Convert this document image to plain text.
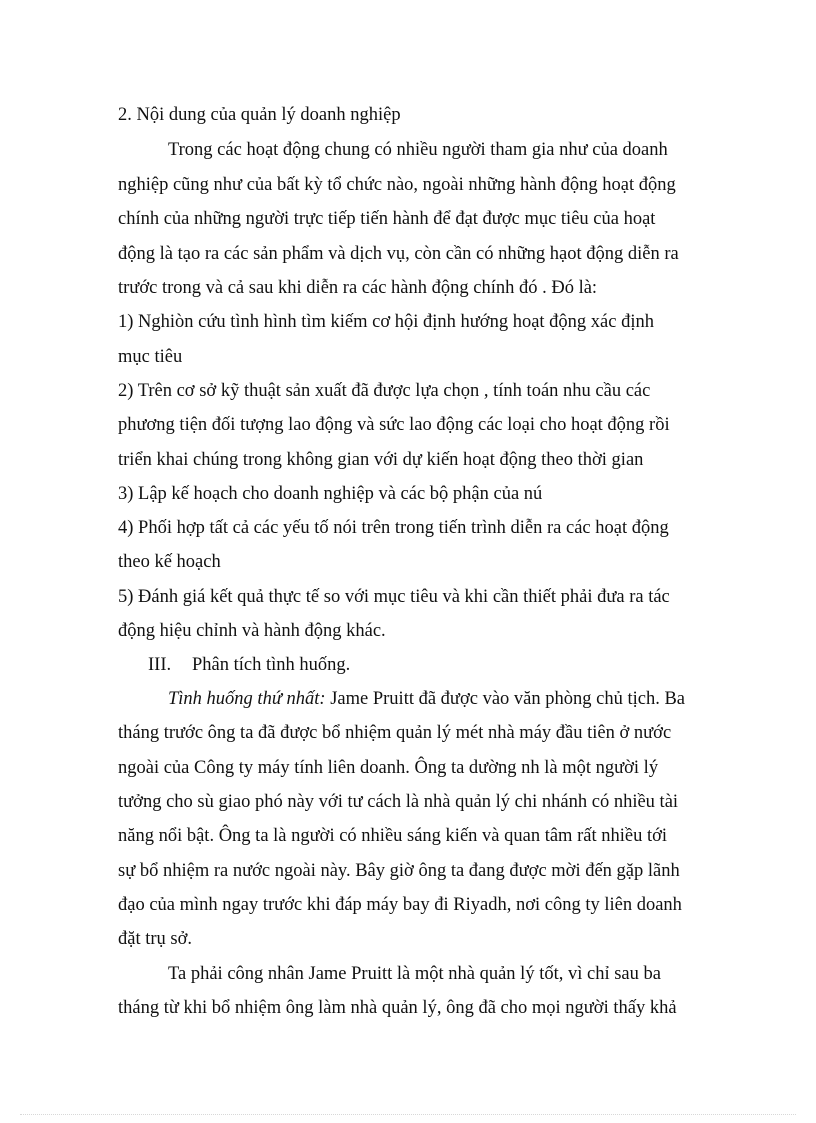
2. Nội dung của quản lý doanh nghiệp
Trong các hoạt động chung có nhiều người tham gia như của doanh
nghiệp cũng như của bất kỳ tổ chức nào, ngoài những hành động hoạt động
chính của những người trực tiếp tiến hành để đạt được mục tiêu của hoạt
động là tạo ra các sản phẩm và dịch vụ, còn cần có những hạot động diễn ra
trước trong và cả sau khi diễn ra các hành động chính đó . Đó là:
1) Nghiòn cứu tình hình tìm kiếm cơ hội định hướng hoạt động xác định
mục tiêu
2) Trên cơ sở kỹ thuật sản xuất đã được lựa chọn , tính toán nhu cầu các
phương tiện đối tượng lao động và sức lao động các loại cho hoạt động rồi
triển khai chúng trong không gian với dự kiến hoạt động theo thời gian
3) Lập kế hoạch cho doanh nghiệp và các bộ phận của nú
4) Phối hợp tất cả các yếu tố nói trên trong tiến trình diễn ra các hoạt động
theo kế hoạch
5) Đánh giá kết quả thực tế so với mục tiêu và khi cần thiết phải đưa ra tác
động hiệu chỉnh và hành động khác.
III. Phân tích tình huống.
Tình huống thứ nhất: Jame Pruitt đã được vào văn phòng chủ tịch. Ba
tháng trước ông ta đã được bổ nhiệm quản lý mét nhà máy đầu tiên ở nước
ngoài của Công ty máy tính liên doanh. Ông ta dường nh là một người lý
tưởng cho sù giao phó này với tư cách là nhà quản lý chi nhánh có nhiều tài
năng nổi bật. Ông ta là người có nhiều sáng kiến và quan tâm rất nhiều tới
sự bổ nhiệm ra nước ngoài này. Bây giờ ông ta đang được mời đến gặp lãnh
đạo của mình ngay trước khi đáp máy bay đi Riyadh, nơi công ty liên doanh
đặt trụ sở.
Ta phải công nhân Jame Pruitt là một nhà quản lý tốt, vì chỉ sau ba
tháng từ khi bổ nhiệm ông làm nhà quản lý, ông đã cho mọi người thấy khả
